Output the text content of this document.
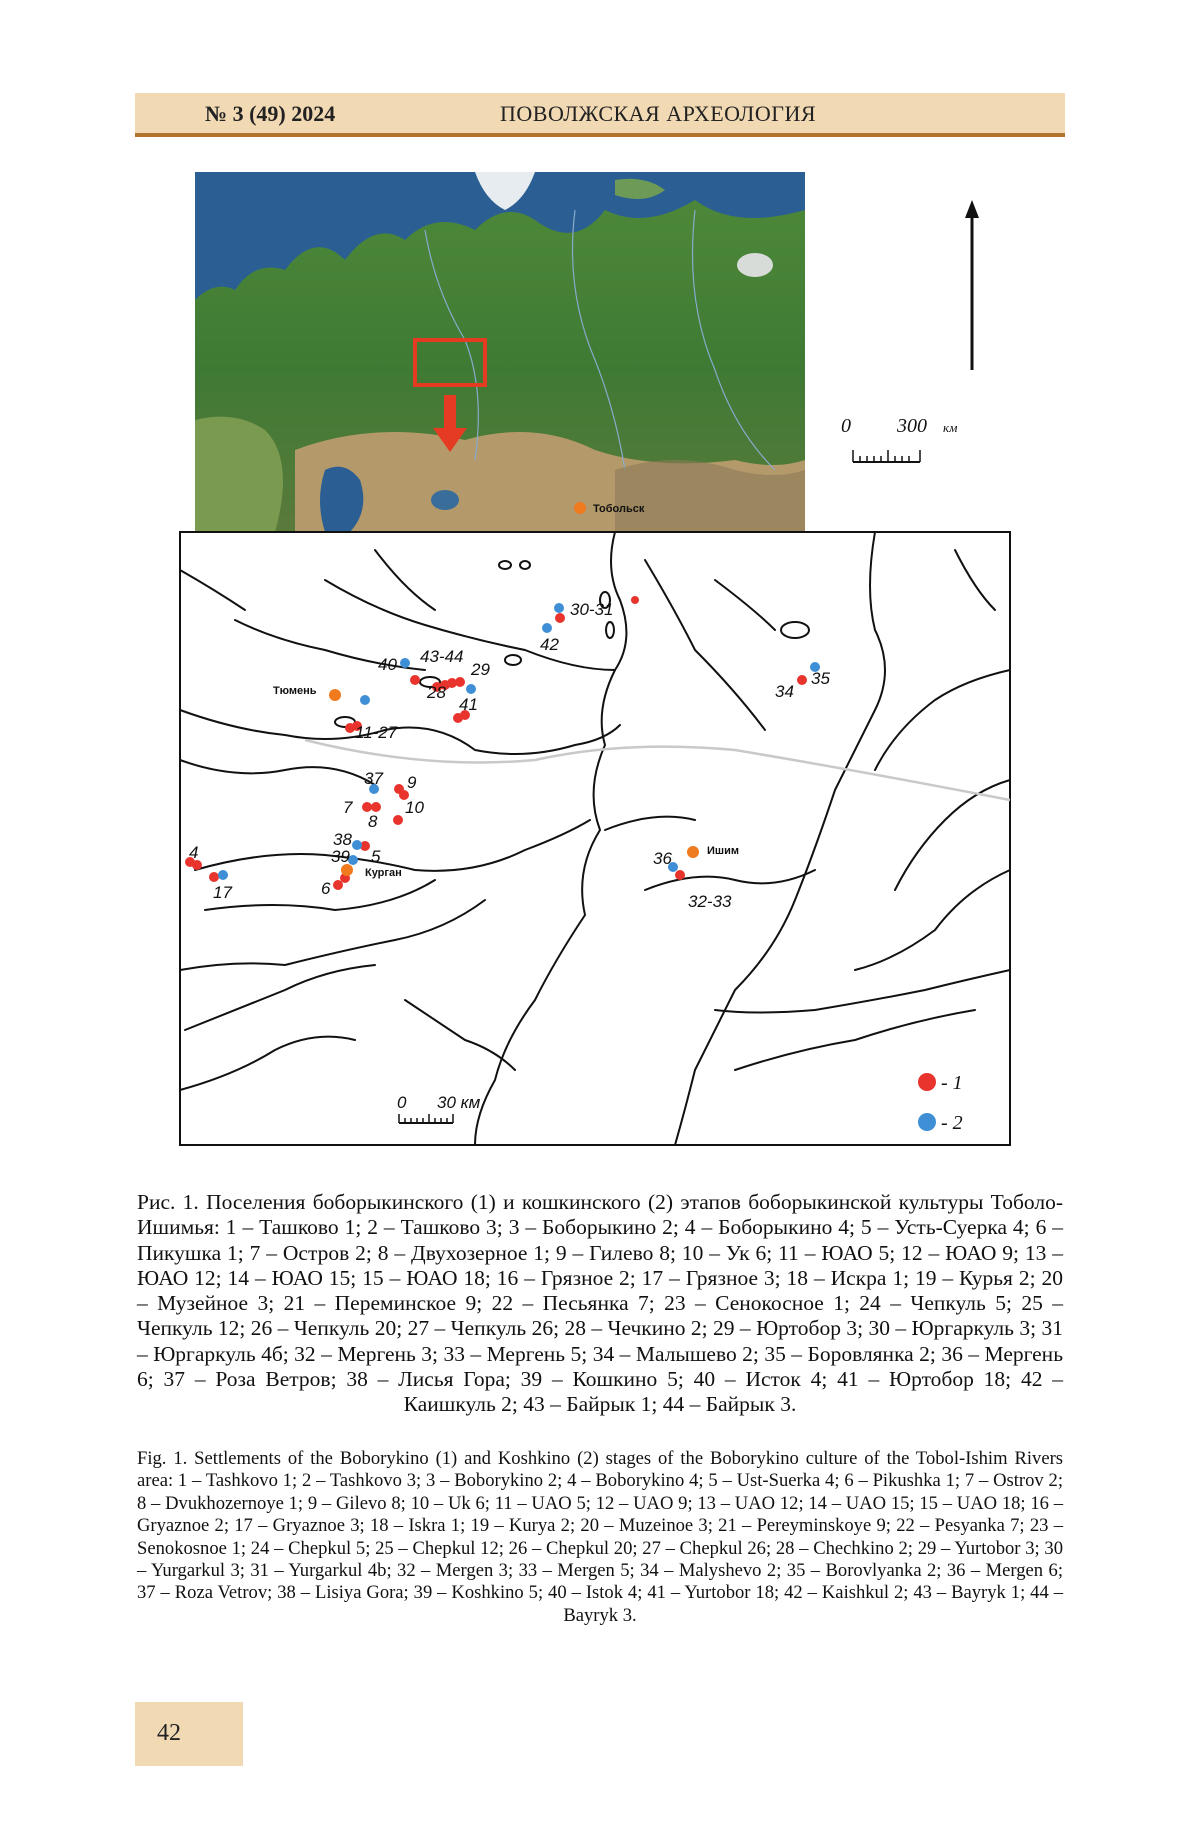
№ 3 (49) 2024	ПОВОЛЖСКАЯ АРХЕОЛОГИЯ
0 300 км
Тобольск
Тюмень
Курган
Ишим
30-31
42
40 43-44
29
28
41
11-27
34
35
37 9
7
8
10
38
39 5
6
4
17
36
32-33
0 30 км
- 1
- 2
Рис. 1. Поселения боборыкинского (1) и кошкинского (2) этапов боборыкинской культуры Тоболо-Ишимья: 1 – Ташково 1; 2 – Ташково 3; 3 – Боборыкино 2; 4 – Боборыкино 4; 5 – Усть-Суерка 4; 6 – Пикушка 1; 7 – Остров 2; 8 – Двухозерное 1; 9 – Гилево 8; 10 – Ук 6; 11 – ЮАО 5; 12 – ЮАО 9; 13 – ЮАО 12; 14 – ЮАО 15; 15 – ЮАО 18; 16 – Грязное 2; 17 – Грязное 3; 18 – Искра 1; 19 – Курья 2; 20 – Музейное 3; 21 – Переминское 9; 22 – Песьянка 7; 23 – Сенокосное 1; 24 – Чепкуль 5; 25 – Чепкуль 12; 26 – Чепкуль 20; 27 – Чепкуль 26; 28 – Чечкино 2; 29 – Юртобор 3; 30 – Юргаркуль 3; 31 – Юргаркуль 4б; 32 – Мергень 3; 33 – Мергень 5; 34 – Малышево 2; 35 – Боровлянка 2; 36 – Мергень 6; 37 – Роза Ветров; 38 – Лисья Гора; 39 – Кошкино 5; 40 – Исток 4; 41 – Юртобор 18; 42 – Каишкуль 2; 43 – Байрык 1; 44 – Байрык 3.
Fig. 1. Settlements of the Boborykino (1) and Koshkino (2) stages of the Boborykino culture of the Tobol-Ishim Rivers area: 1 – Tashkovo 1; 2 – Tashkovo 3; 3 – Boborykino 2; 4 – Boborykino 4; 5 – Ust-Suerka 4; 6 – Pikushka 1; 7 – Ostrov 2; 8 – Dvukhozernoye 1; 9 – Gilevo 8; 10 – Uk 6; 11 – UAO 5; 12 – UAO 9; 13 – UAO 12; 14 – UAO 15; 15 – UAO 18; 16 – Gryaznoe 2; 17 – Gryaznoe 3; 18 – Iskra 1; 19 – Kurya 2; 20 – Muzeinoe 3; 21 – Pereyminskoye 9; 22 – Pesyanka 7; 23 – Senokosnoe 1; 24 – Chepkul 5; 25 – Chepkul 12; 26 – Chepkul 20; 27 – Chepkul 26; 28 – Chechkino 2; 29 – Yurtobor 3; 30 – Yurgarkul 3; 31 – Yurgarkul 4b; 32 – Mergen 3; 33 – Mergen 5; 34 – Malyshevo 2; 35 – Borovlyanka 2; 36 – Mergen 6; 37 – Roza Vetrov; 38 – Lisiya Gora; 39 – Koshkino 5; 40 – Istok 4; 41 – Yurtobor 18; 42 – Kaishkul 2; 43 – Bayryk 1; 44 – Bayryk 3.
42
